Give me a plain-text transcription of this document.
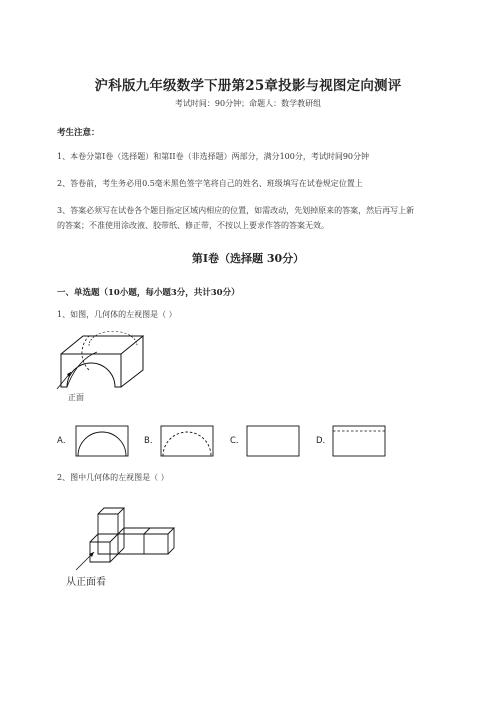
沪科版九年级数学下册第25章投影与视图定向测评
考试时间：90分钟；命题人：数学教研组
考生注意：
1、本卷分第I卷（选择题）和第II卷（非选择题）两部分，满分100分，考试时间90分钟
2、答卷前，考生务必用0.5毫米黑色签字笔将自己的姓名、班级填写在试卷规定位置上
3、答案必须写在试卷各个题目指定区域内相应的位置，如需改动，先划掉原来的答案，然后再写上新
的答案；不准使用涂改液、胶带纸、修正带，不按以上要求作答的答案无效。
第I卷（选择题 30分）
一、单选题（10小题，每小题3分，共计30分）
1、如图，几何体的左视图是（ ）
正面
A．	B．	C．	D．
2、图中几何体的左视图是（ ）
从正面看
